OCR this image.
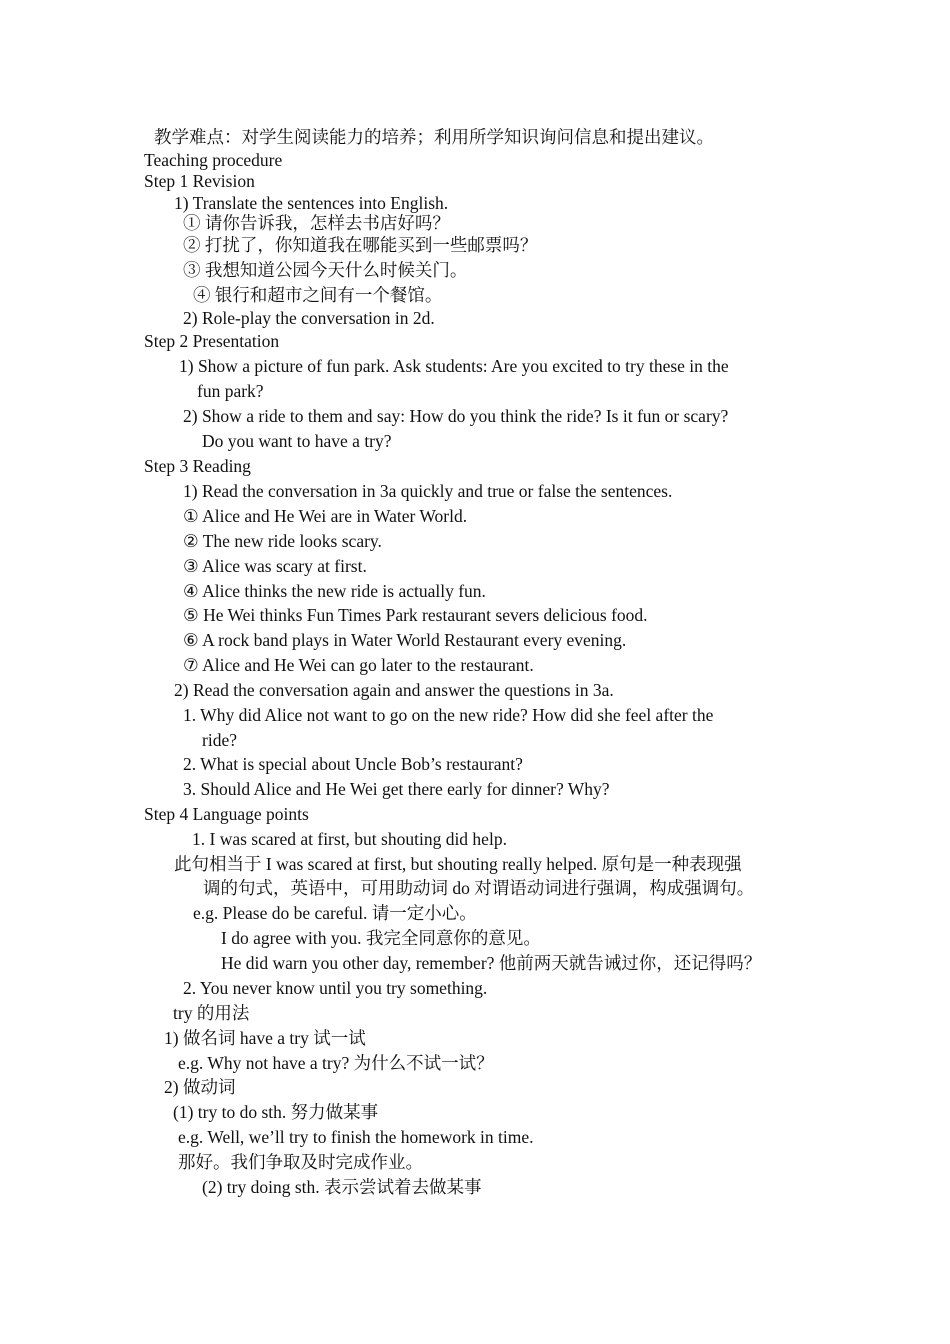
教学难点：对学生阅读能力的培养；利用所学知识询问信息和提出建议。
Teaching procedure
Step 1 Revision
1) Translate the sentences into English.
① 请你告诉我，怎样去书店好吗？
② 打扰了，你知道我在哪能买到一些邮票吗？
③ 我想知道公园今天什么时候关门。
④ 银行和超市之间有一个餐馆。
2) Role-play the conversation in 2d.
Step 2 Presentation
1) Show a picture of fun park. Ask students: Are you excited to try these in the
fun park?
2) Show a ride to them and say: How do you think the ride? Is it fun or scary?
Do you want to have a try?
Step 3 Reading
1) Read the conversation in 3a quickly and true or false the sentences.
① Alice and He Wei are in Water World.
② The new ride looks scary.
③ Alice was scary at first.
④ Alice thinks the new ride is actually fun.
⑤ He Wei thinks Fun Times Park restaurant severs delicious food.
⑥ A rock band plays in Water World Restaurant every evening.
⑦ Alice and He Wei can go later to the restaurant.
2) Read the conversation again and answer the questions in 3a.
1. Why did Alice not want to go on the new ride? How did she feel after the
ride?
2. What is special about Uncle Bob’s restaurant?
3. Should Alice and He Wei get there early for dinner? Why?
Step 4 Language points
1. I was scared at first, but shouting did help.
此句相当于 I was scared at first, but shouting really helped. 原句是一种表现强
调的句式，英语中，可用助动词 do 对谓语动词进行强调，构成强调句。
e.g. Please do be careful. 请一定小心。
I do agree with you. 我完全同意你的意见。
He did warn you other day, remember? 他前两天就告诫过你，还记得吗？
2. You never know until you try something.
try 的用法
1) 做名词 have a try 试一试
e.g. Why not have a try? 为什么不试一试？
2) 做动词
(1) try to do sth. 努力做某事
e.g. Well, we’ll try to finish the homework in time.
那好。我们争取及时完成作业。
(2) try doing sth. 表示尝试着去做某事
